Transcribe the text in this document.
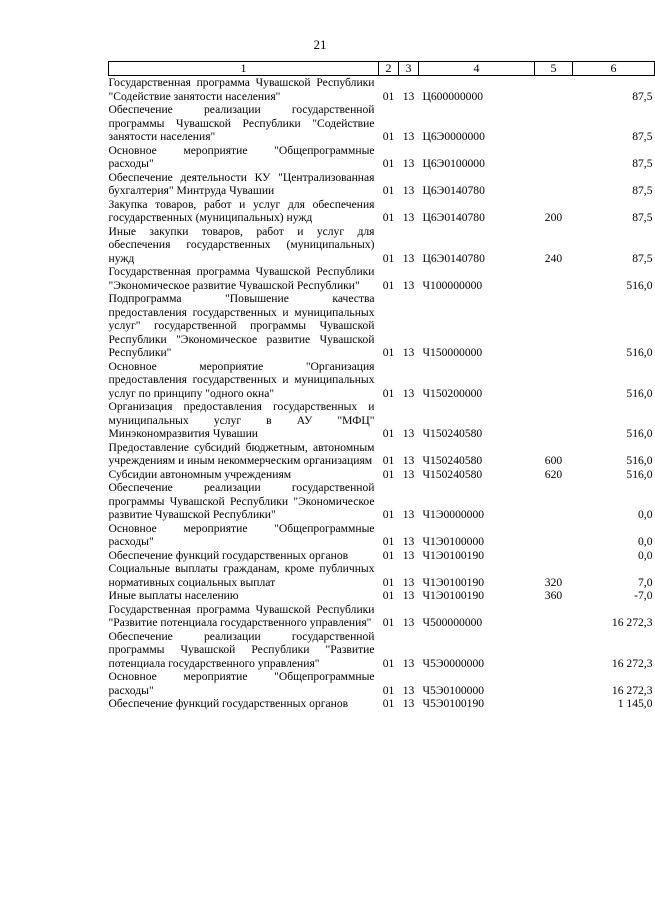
21
1	2	3	4	5	6
Государственная программа Чувашской Республики "Содействие занятости населения"	01	13	Ц600000000		87,5
Обеспечение реализации государственной программы Чувашской Республики "Содействие занятости населения"	01	13	Ц6Э0000000		87,5
Основное мероприятие "Общепрограммные расходы"	01	13	Ц6Э0100000		87,5
Обеспечение деятельности КУ "Централизованная бухгалтерия" Минтруда Чувашии	01	13	Ц6Э0140780		87,5
Закупка товаров, работ и услуг для обеспечения государственных (муниципальных) нужд	01	13	Ц6Э0140780	200	87,5
Иные закупки товаров, работ и услуг для обеспечения государственных (муниципальных) нужд	01	13	Ц6Э0140780	240	87,5
Государственная программа Чувашской Республики "Экономическое развитие Чувашской Республики"	01	13	Ч100000000		516,0
Подпрограмма "Повышение качества предоставления государственных и муниципальных услуг" государственной программы Чувашской Республики "Экономическое развитие Чувашской Республики"	01	13	Ч150000000		516,0
Основное мероприятие "Организация предоставления государственных и муниципальных услуг по принципу "одного окна"	01	13	Ч150200000		516,0
Организация предоставления государственных и муниципальных услуг в АУ "МФЦ" Минэкономразвития Чувашии	01	13	Ч150240580		516,0
Предоставление субсидий бюджетным, автономным учреждениям и иным некоммерческим организациям	01	13	Ч150240580	600	516,0
Субсидии автономным учреждениям	01	13	Ч150240580	620	516,0
Обеспечение реализации государственной программы Чувашской Республики "Экономическое развитие Чувашской Республики"	01	13	Ч1Э0000000		0,0
Основное мероприятие "Общепрограммные расходы"	01	13	Ч1Э0100000		0,0
Обеспечение функций государственных органов	01	13	Ч1Э0100190		0,0
Социальные выплаты гражданам, кроме публичных нормативных социальных выплат	01	13	Ч1Э0100190	320	7,0
Иные выплаты населению	01	13	Ч1Э0100190	360	-7,0
Государственная программа Чувашской Республики "Развитие потенциала государственного управления"	01	13	Ч500000000		16 272,3
Обеспечение реализации государственной программы Чувашской Республики "Развитие потенциала государственного управления"	01	13	Ч5Э0000000		16 272,3
Основное мероприятие "Общепрограммные расходы"	01	13	Ч5Э0100000		16 272,3
Обеспечение функций государственных органов	01	13	Ч5Э0100190		1 145,0
